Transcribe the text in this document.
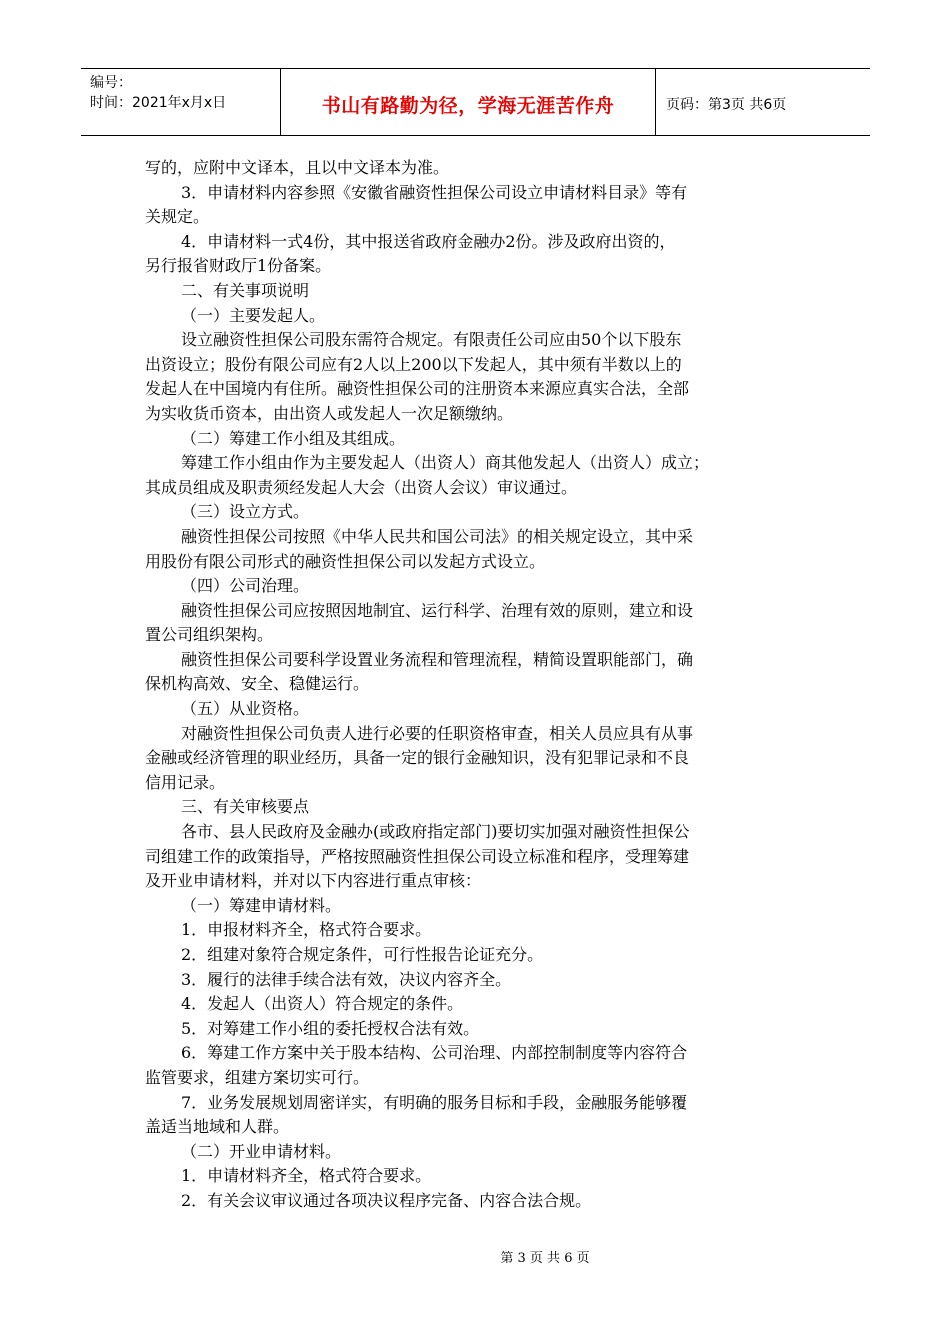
编号：
时间：2021年x月x日	书山有路勤为径，学海无涯苦作舟	页码：第3页 共6页

写的，应附中文译本，且以中文译本为准。

3．申请材料内容参照《安徽省融资性担保公司设立申请材料目录》等有

关规定。

4．申请材料一式4份，其中报送省政府金融办2份。涉及政府出资的，

另行报省财政厅1份备案。

二、有关事项说明

（一）主要发起人。

设立融资性担保公司股东需符合规定。有限责任公司应由50个以下股东

出资设立；股份有限公司应有2人以上200以下发起人，其中须有半数以上的

发起人在中国境内有住所。融资性担保公司的注册资本来源应真实合法，全部

为实收货币资本，由出资人或发起人一次足额缴纳。

（二）筹建工作小组及其组成。

筹建工作小组由作为主要发起人（出资人）商其他发起人（出资人）成立；

其成员组成及职责须经发起人大会（出资人会议）审议通过。

（三）设立方式。

融资性担保公司按照《中华人民共和国公司法》的相关规定设立，其中采

用股份有限公司形式的融资性担保公司以发起方式设立。

（四）公司治理。

融资性担保公司应按照因地制宜、运行科学、治理有效的原则，建立和设

置公司组织架构。

融资性担保公司要科学设置业务流程和管理流程，精简设置职能部门，确

保机构高效、安全、稳健运行。

（五）从业资格。

对融资性担保公司负责人进行必要的任职资格审查，相关人员应具有从事

金融或经济管理的职业经历，具备一定的银行金融知识，没有犯罪记录和不良

信用记录。

三、有关审核要点

各市、县人民政府及金融办(或政府指定部门)要切实加强对融资性担保公

司组建工作的政策指导，严格按照融资性担保公司设立标准和程序，受理筹建

及开业申请材料，并对以下内容进行重点审核：

（一）筹建申请材料。

1．申报材料齐全，格式符合要求。

2．组建对象符合规定条件，可行性报告论证充分。

3．履行的法律手续合法有效，决议内容齐全。

4．发起人（出资人）符合规定的条件。

5．对筹建工作小组的委托授权合法有效。

6．筹建工作方案中关于股本结构、公司治理、内部控制制度等内容符合

监管要求，组建方案切实可行。

7．业务发展规划周密详实，有明确的服务目标和手段，金融服务能够覆

盖适当地域和人群。

（二）开业申请材料。

1．申请材料齐全，格式符合要求。

2．有关会议审议通过各项决议程序完备、内容合法合规。

第 3 页 共 6 页
